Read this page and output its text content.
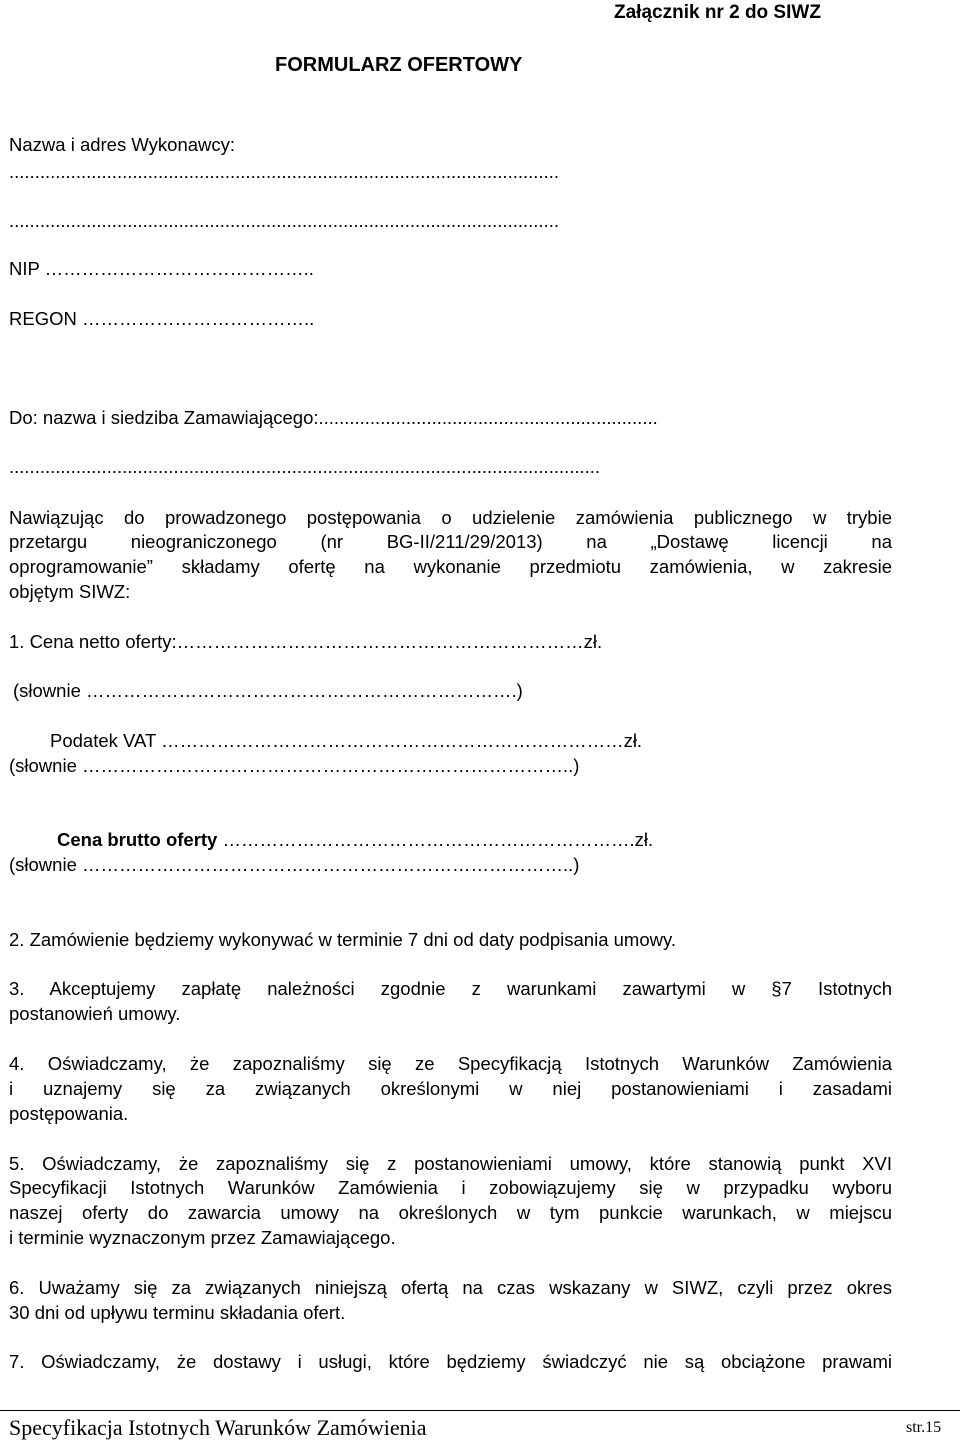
Załącznik nr 2 do SIWZ
FORMULARZ OFERTOWY
Nazwa i adres Wykonawcy:
...........................................................................................................
...........................................................................................................
NIP ……………………………………..
REGON ………………………………..
Do: nazwa i siedziba Zamawiającego:..................................................................
...................................................................................................................
Nawiązując do prowadzonego postępowania o udzielenie zamówienia publicznego w trybie
przetargu nieograniczonego (nr BG-II/211/29/2013) na „Dostawę licencji na
oprogramowanie” składamy ofertę na wykonanie przedmiotu zamówienia, w zakresie
objętym SIWZ:
1. Cena netto oferty:…………………………………………………………zł.
(słownie …………………………………………………………….)
Podatek VAT …………………………………………………………………zł.
(słownie ……………………………………………………………………..)
Cena brutto oferty ………………………………………………………….zł.
(słownie ……………………………………………………………………..)
2. Zamówienie będziemy wykonywać w terminie 7 dni od daty podpisania umowy.
3. Akceptujemy zapłatę należności zgodnie z warunkami zawartymi w §7 Istotnych
postanowień umowy.
4. Oświadczamy, że zapoznaliśmy się ze Specyfikacją Istotnych Warunków Zamówienia
i uznajemy się za związanych określonymi w niej postanowieniami i zasadami
postępowania.
5. Oświadczamy, że zapoznaliśmy się z postanowieniami umowy, które stanowią punkt XVI
Specyfikacji Istotnych Warunków Zamówienia i zobowiązujemy się w przypadku wyboru
naszej oferty do zawarcia umowy na określonych w tym punkcie warunkach, w miejscu
i terminie wyznaczonym przez Zamawiającego.
6. Uważamy się za związanych niniejszą ofertą na czas wskazany w SIWZ, czyli przez okres
30 dni od upływu terminu składania ofert.
7. Oświadczamy, że dostawy i usługi, które będziemy świadczyć nie są obciążone prawami
Specyfikacja Istotnych Warunków Zamówienia	str.15
